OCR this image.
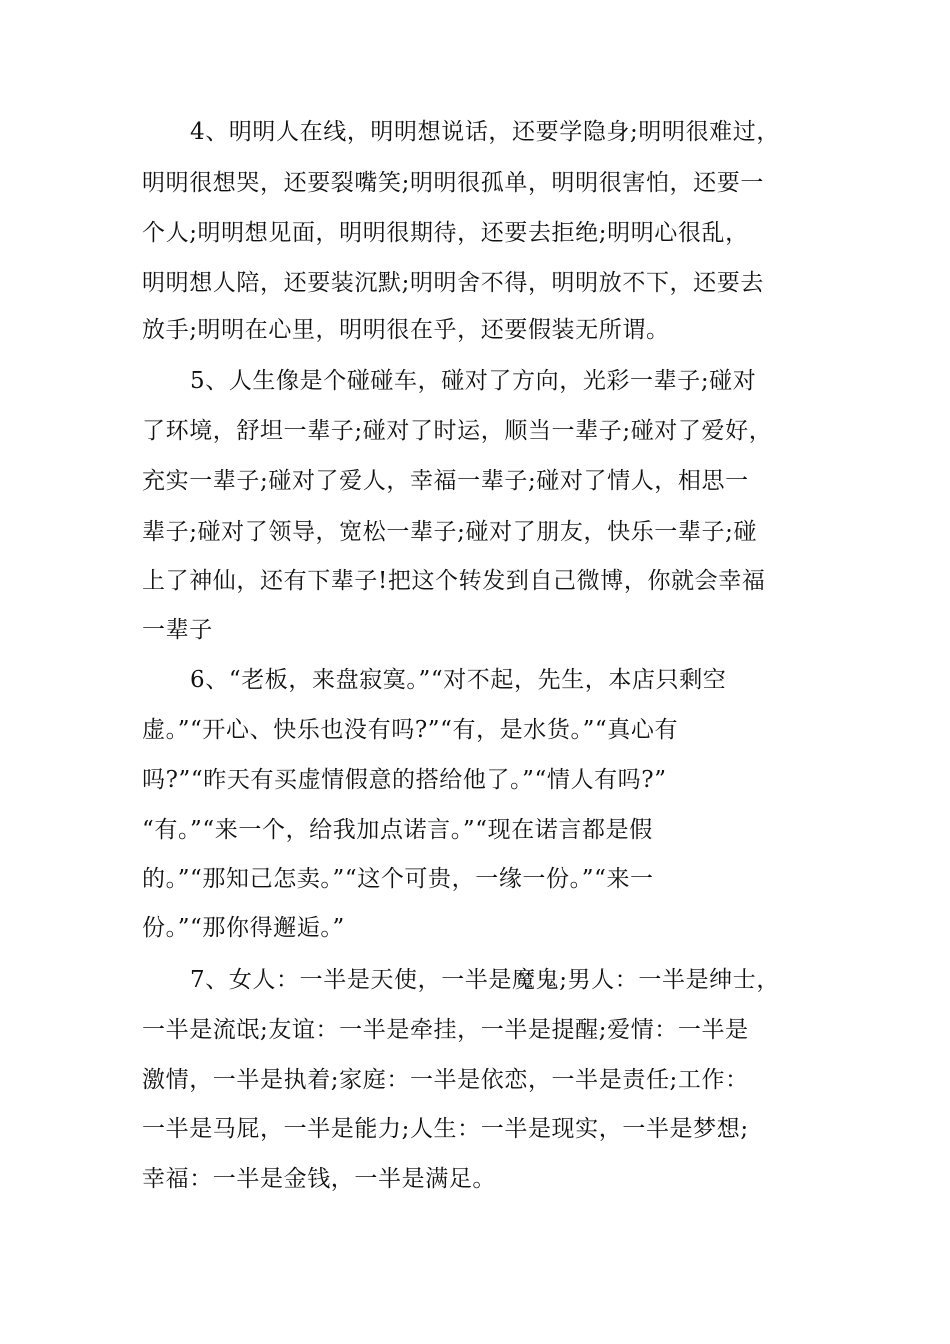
4、明明人在线，明明想说话，还要学隐身;明明很难过，
明明很想哭，还要裂嘴笑;明明很孤单，明明很害怕，还要一
个人;明明想见面，明明很期待，还要去拒绝;明明心很乱，
明明想人陪，还要装沉默;明明舍不得，明明放不下，还要去
放手;明明在心里，明明很在乎，还要假装无所谓。
5、人生像是个碰碰车，碰对了方向，光彩一辈子;碰对
了环境，舒坦一辈子;碰对了时运，顺当一辈子;碰对了爱好，
充实一辈子;碰对了爱人，幸福一辈子;碰对了情人，相思一
辈子;碰对了领导，宽松一辈子;碰对了朋友，快乐一辈子;碰
上了神仙，还有下辈子!把这个转发到自己微博，你就会幸福
一辈子
6、“老板，来盘寂寞。”“对不起，先生，本店只剩空
虚。”“开心、快乐也没有吗?”“有，是水货。”“真心有
吗?”“昨天有买虚情假意的搭给他了。”“情人有吗?”
“有。”“来一个，给我加点诺言。”“现在诺言都是假
的。”“那知己怎卖。”“这个可贵，一缘一份。”“来一
份。”“那你得邂逅。”
7、女人：一半是天使，一半是魔鬼;男人：一半是绅士，
一半是流氓;友谊：一半是牵挂，一半是提醒;爱情：一半是
激情，一半是执着;家庭：一半是依恋，一半是责任;工作：
一半是马屁，一半是能力;人生：一半是现实，一半是梦想;
幸福：一半是金钱，一半是满足。
